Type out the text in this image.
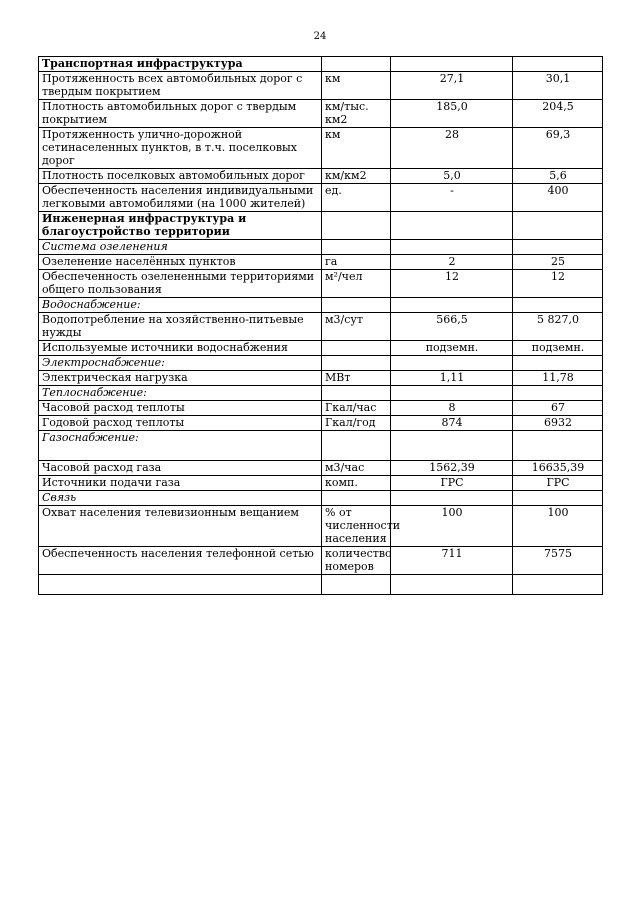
24
Транспортная инфраструктура			
Протяженность всех автомобильных дорог с твердым покрытием	км	27,1	30,1
Плотность автомобильных дорог с твердым покрытием	км/тыс. км2	185,0	204,5
Протяженность улично-дорожной сетинаселенных пунктов, в т.ч. поселковых дорог	км	28	69,3
Плотность поселковых автомобильных дорог	км/км2	5,0	5,6
Обеспеченность населения индивидуальными легковыми автомобилями (на 1000 жителей)	ед.	-	400
Инженерная инфраструктура и благоустройство территории			
Система озеленения			
Озеленение населённых пунктов	га	2	25
Обеспеченность озелененными территориями общего пользования	м²/чел	12	12
Водоснабжение:			
Водопотребление на хозяйственно-питьевые нужды	м3/сут	566,5	5 827,0
Используемые источники водоснабжения		подземн.	подземн.
Электроснабжение:			
Электрическая нагрузка	МВт	1,11	11,78
Теплоснабжение:			
Часовой расход теплоты	Гкал/час	8	67
Годовой расход теплоты	Гкал/год	874	6932
Газоснабжение:			
Часовой расход газа	м3/час	1562,39	16635,39
Источники подачи газа	комп.	ГРС	ГРС
Связь			
Охват населения телевизионным вещанием	% от численности населения	100	100
Обеспеченность населения телефонной сетью	количество номеров	711	7575
